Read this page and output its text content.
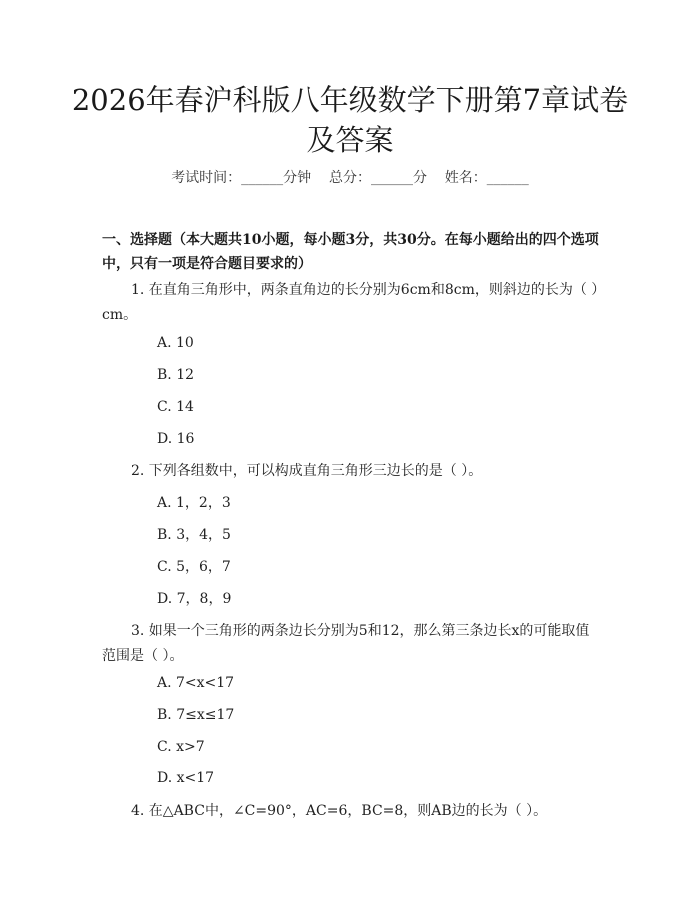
2026年春沪科版八年级数学下册第7章试卷及答案
考试时间：______分钟    总分：______分    姓名：______
一、选择题（本大题共10小题，每小题3分，共30分。在每小题给出的四个选项中，只有一项是符合题目要求的）
1. 在直角三角形中，两条直角边的长分别为6cm和8cm，则斜边的长为（ ）cm。
A. 10
B. 12
C. 14
D. 16
2. 下列各组数中，可以构成直角三角形三边长的是（ ）。
A. 1，2，3
B. 3，4，5
C. 5，6，7
D. 7，8，9
3. 如果一个三角形的两条边长分别为5和12，那么第三条边长x的可能取值范围是（ ）。
A. 7<x<17
B. 7≤x≤17
C. x>7
D. x<17
4. 在△ABC中，∠C=90°，AC=6，BC=8，则AB边的长为（ ）。
